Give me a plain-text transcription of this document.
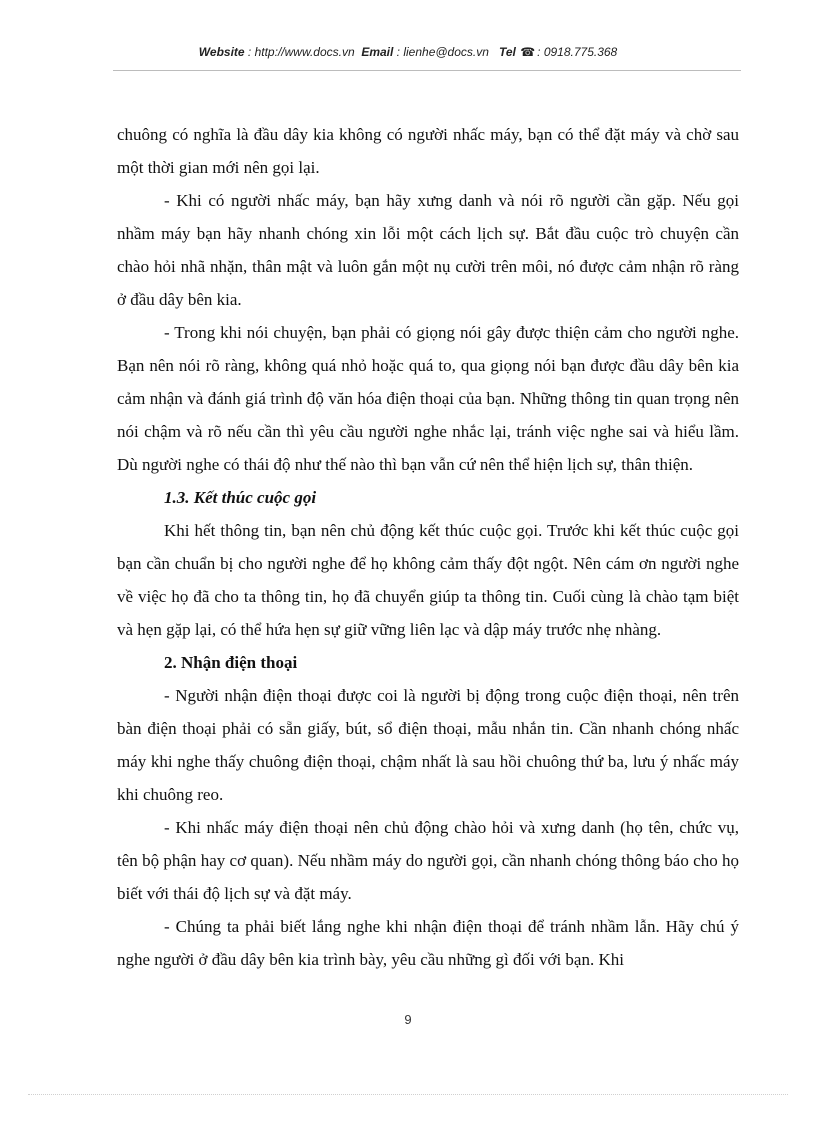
Website : http://www.docs.vn Email : lienhe@docs.vn Tel ☎ : 0918.775.368

chuông có nghĩa là đầu dây kia không có người nhấc máy, bạn có thể đặt máy và chờ sau một thời gian mới nên gọi lại.

- Khi có người nhấc máy, bạn hãy xưng danh và nói rõ người cần gặp. Nếu gọi nhầm máy bạn hãy nhanh chóng xin lỗi một cách lịch sự. Bắt đầu cuộc trò chuyện cần chào hỏi nhã nhặn, thân mật và luôn gắn một nụ cười trên môi, nó được cảm nhận rõ ràng ở đầu dây bên kia.

- Trong khi nói chuyện, bạn phải có giọng nói gây được thiện cảm cho người nghe. Bạn nên nói rõ ràng, không quá nhỏ hoặc quá to, qua giọng nói bạn được đầu dây bên kia cảm nhận và đánh giá trình độ văn hóa điện thoại của bạn. Những thông tin quan trọng nên nói chậm và rõ nếu cần thì yêu cầu người nghe nhắc lại, tránh việc nghe sai và hiểu lầm. Dù người nghe có thái độ như thế nào thì bạn vẫn cứ nên thể hiện lịch sự, thân thiện.

1.3. Kết thúc cuộc gọi

Khi hết thông tin, bạn nên chủ động kết thúc cuộc gọi. Trước khi kết thúc cuộc gọi bạn cần chuẩn bị cho người nghe để họ không cảm thấy đột ngột. Nên cám ơn người nghe về việc họ đã cho ta thông tin, họ đã chuyển giúp ta thông tin. Cuối cùng là chào tạm biệt và hẹn gặp lại, có thể hứa hẹn sự giữ vững liên lạc và dập máy trước nhẹ nhàng.

2. Nhận điện thoại

- Người nhận điện thoại được coi là người bị động trong cuộc điện thoại, nên trên bàn điện thoại phải có sẵn giấy, bút, sổ điện thoại, mẫu nhắn tin. Cần nhanh chóng nhấc máy khi nghe thấy chuông điện thoại, chậm nhất là sau hồi chuông thứ ba, lưu ý nhấc máy khi chuông reo.

- Khi nhấc máy điện thoại nên chủ động chào hỏi và xưng danh (họ tên, chức vụ, tên bộ phận hay cơ quan). Nếu nhầm máy do người gọi, cần nhanh chóng thông báo cho họ biết với thái độ lịch sự và đặt máy.

- Chúng ta phải biết lắng nghe khi nhận điện thoại để tránh nhầm lẫn. Hãy chú ý nghe người ở đầu dây bên kia trình bày, yêu cầu những gì đối với bạn. Khi

9
